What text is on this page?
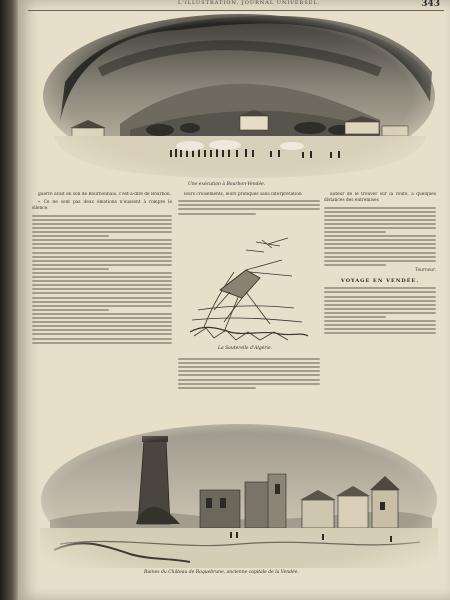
L'ILLUSTRATION, JOURNAL UNIVERSEL.	343
Une exécution à Bourbon-Vendée.

guerre avait en son de Bourbonnais, c'est-à-dire de Bourbon.

« Ce ne sont pas deux émotions n'eussent à rompre le silence.

leurs croisements, leurs pratiques sans interprétation

La Sauterelle d'Algérie.

auteur de le trouver sur la route, à quelques distances des entremises

Tourneur.
VOYAGE EN VENDÉE.
Ruines du Château de Roquebrune, ancienne capitale de la Vendée.
